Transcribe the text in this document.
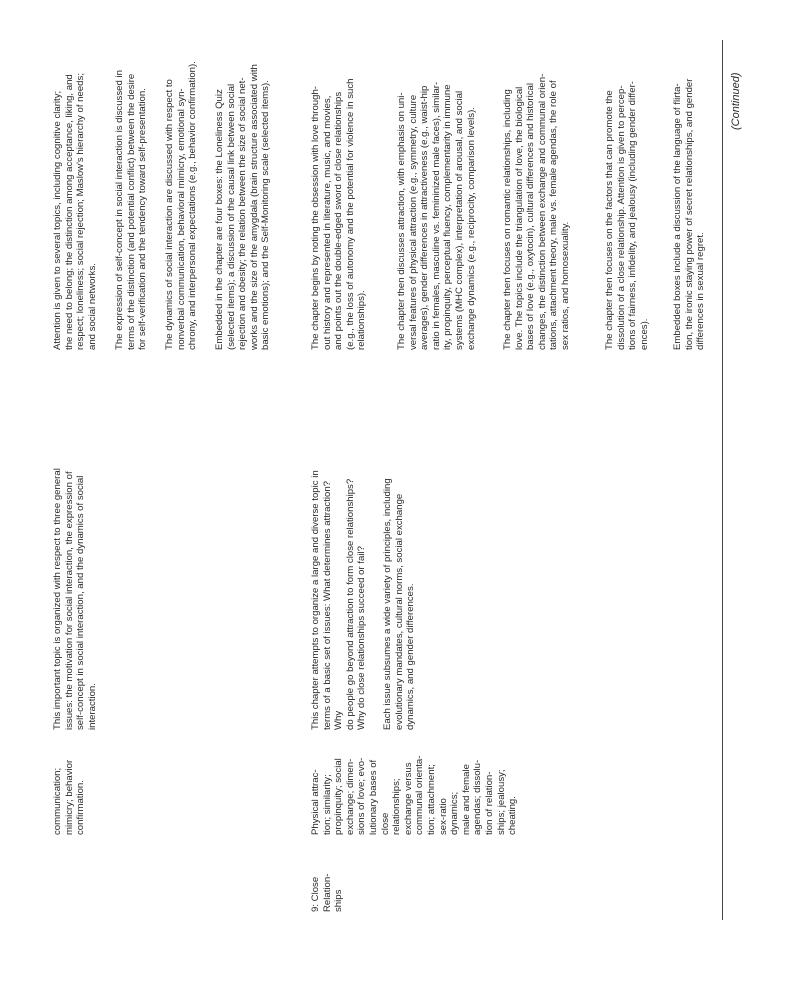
communication;
mimicry; behavior
confirmation.
This important topic is organized with respect to three general
issues: the motivation for social interaction, the expression of
self-concept in social interaction, and the dynamics of social
interaction.
Attention is given to several topics, including cognitive clarity;
the need to belong; the distinction among acceptance, liking, and
respect; loneliness; social rejection; Maslow's hierarchy of needs;
and social networks.
The expression of self-concept in social interaction is discussed in
terms of the distinction (and potential conflict) between the desire
for self-verification and the tendency toward self-presentation.
The dynamics of social interaction are discussed with respect to
nonverbal communication, behavioral mimicry, emotional syn-
chrony, and interpersonal expectations (e.g., behavior confirmation).
Embedded in the chapter are four boxes: the Loneliness Quiz
(selected items); a discussion of the causal link between social
rejection and obesity; the relation between the size of social net-
works and the size of the amygdala (brain structure associated with
basic emotions); and the Self-Monitoring scale (selected items).
9: Close
Relation-
ships
Physical attrac-
tion; similarity;
propinquity; social
exchange; dimen-
sions of love; evo-
lutionary bases of
close relationships;
exchange versus
communal orienta-
tion; attachment;
sex-ratio dynamics;
male and female
agendas; dissolu-
tion of relation-
ships; jealousy;
cheating.
This chapter attempts to organize a large and diverse topic in
terms of a basic set of issues: What determines attraction? Why
do people go beyond attraction to form close relationships?
Why do close relationships succeed or fail?
Each issue subsumes a wide variety of principles, including
evolutionary mandates, cultural norms, social exchange
dynamics, and gender differences.
The chapter begins by noting the obsession with love through-
out history and represented in literature, music, and movies,
and points out the double-edged sword of close relationships
(e.g., the loss of autonomy and the potential for violence in such
relationships).	The chapter then discusses attraction, with emphasis on uni-
versal features of physical attraction (e.g., symmetry, culture
averages), gender differences in attractiveness (e.g., waist-hip
ratio in females, masculine vs. femininized male faces), similar-
ity, propinquity, perceptual fluency, complementarity in immune
systems (MHC complex), interpretation of arousal, and social
exchange dynamics (e.g., reciprocity, comparison levels).
The chapter then focuses on romantic relationships, including
love. The topics include the triangulation of love, the biological
bases of love (e.g., oxytocin), cultural differences and historical
changes, the distinction between exchange and communal orien-
tations, attachment theory, male vs. female agendas, the role of
sex ratios, and homosexuality.
The chapter then focuses on the factors that can promote the
dissolution of a close relationship. Attention is given to percep-
tions of fairness, infidelity, and jealousy (including gender differ-
ences). Embedded boxes include a discussion of the language of flirta-
tion, the ironic staying power of secret relationships, and gender
differences in sexual regret.
(Continued)
